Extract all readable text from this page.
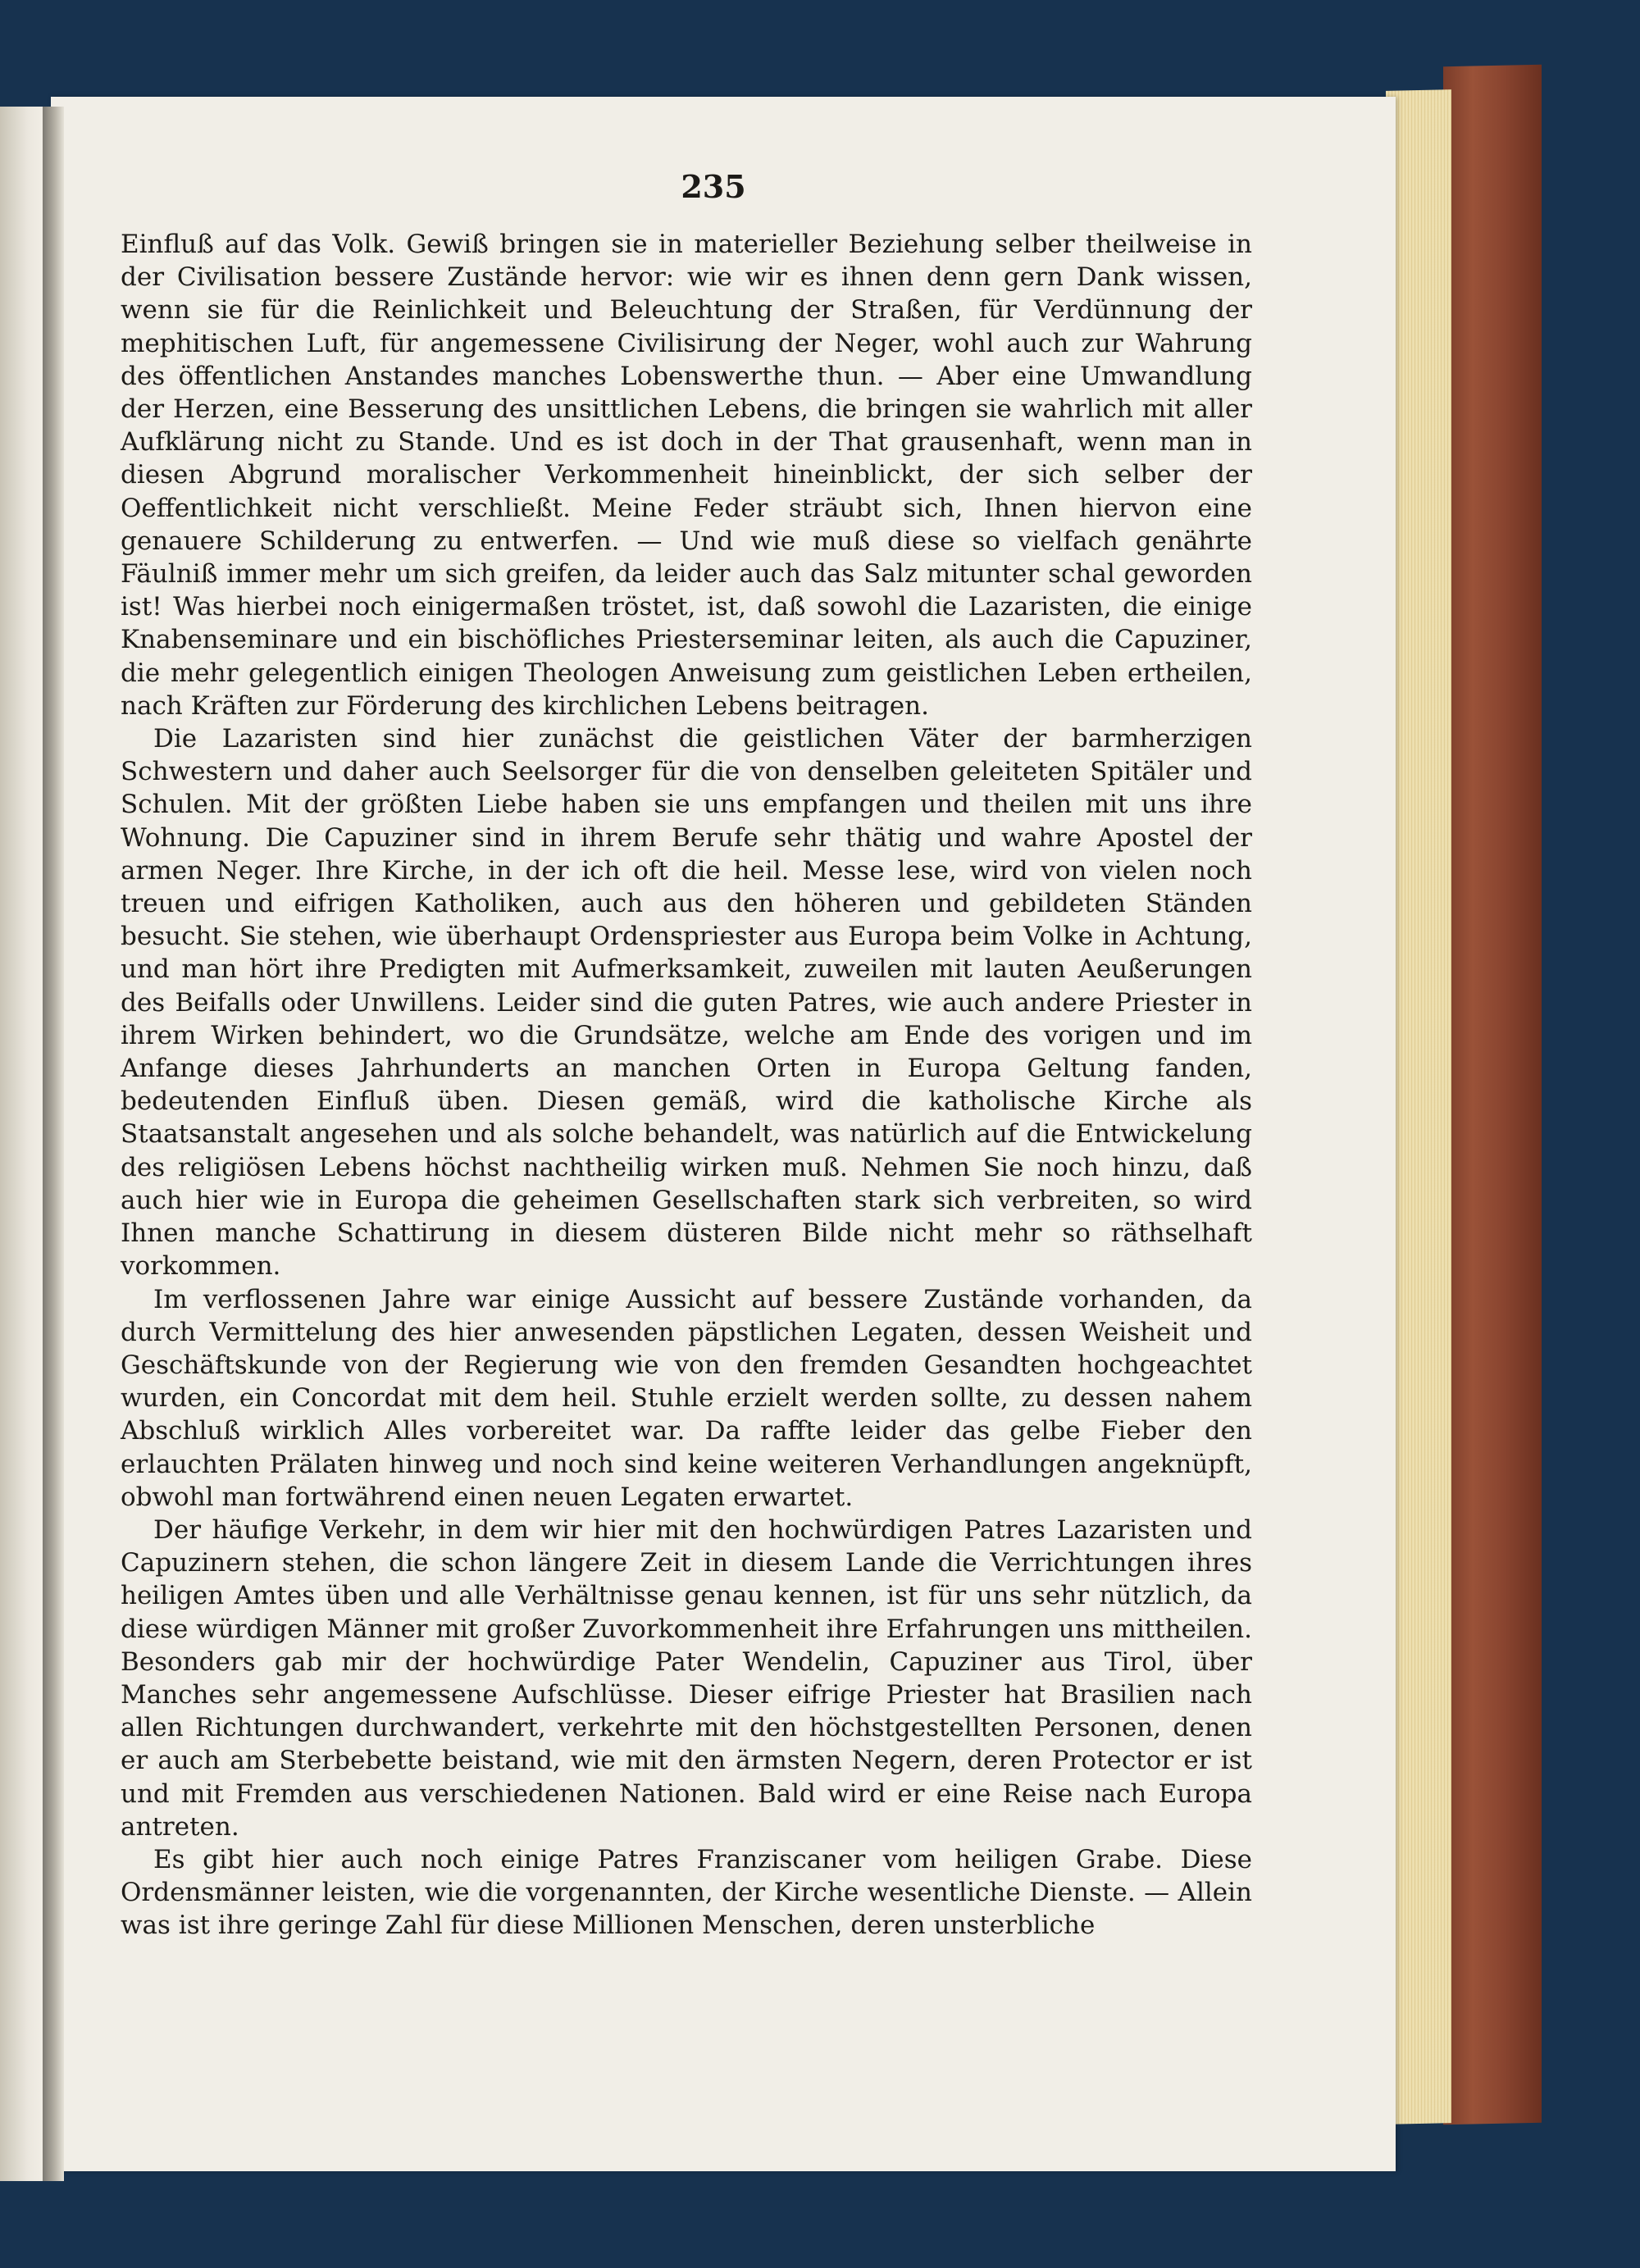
235

Einfluß auf das Volk. Gewiß bringen sie in materieller Beziehung selber theilweise in der Civilisation bessere Zustände hervor: wie wir es ihnen denn gern Dank wissen, wenn sie für die Reinlichkeit und Beleuchtung der Straßen, für Verdünnung der mephitischen Luft, für angemessene Civilisirung der Neger, wohl auch zur Wahrung des öffentlichen Anstandes manches Lobenswerthe thun. — Aber eine Umwandlung der Herzen, eine Besserung des unsittlichen Lebens, die bringen sie wahrlich mit aller Aufklärung nicht zu Stande. Und es ist doch in der That grausenhaft, wenn man in diesen Abgrund moralischer Verkommenheit hineinblickt, der sich selber der Oeffentlichkeit nicht verschließt. Meine Feder sträubt sich, Ihnen hiervon eine genauere Schilderung zu entwerfen. — Und wie muß diese so vielfach genährte Fäulniß immer mehr um sich greifen, da leider auch das Salz mitunter schal geworden ist! Was hierbei noch einigermaßen tröstet, ist, daß sowohl die Lazaristen, die einige Knabenseminare und ein bischöfliches Priesterseminar leiten, als auch die Capuziner, die mehr gelegentlich einigen Theologen Anweisung zum geistlichen Leben ertheilen, nach Kräften zur Förderung des kirchlichen Lebens beitragen.

Die Lazaristen sind hier zunächst die geistlichen Väter der barmherzigen Schwestern und daher auch Seelsorger für die von denselben geleiteten Spitäler und Schulen. Mit der größten Liebe haben sie uns empfangen und theilen mit uns ihre Wohnung. Die Capuziner sind in ihrem Berufe sehr thätig und wahre Apostel der armen Neger. Ihre Kirche, in der ich oft die heil. Messe lese, wird von vielen noch treuen und eifrigen Katholiken, auch aus den höheren und gebildeten Ständen besucht. Sie stehen, wie überhaupt Ordenspriester aus Europa beim Volke in Achtung, und man hört ihre Predigten mit Aufmerksamkeit, zuweilen mit lauten Aeußerungen des Beifalls oder Unwillens. Leider sind die guten Patres, wie auch andere Priester in ihrem Wirken behindert, wo die Grundsätze, welche am Ende des vorigen und im Anfange dieses Jahrhunderts an manchen Orten in Europa Geltung fanden, bedeutenden Einfluß üben. Diesen gemäß, wird die katholische Kirche als Staatsanstalt angesehen und als solche behandelt, was natürlich auf die Entwickelung des religiösen Lebens höchst nachtheilig wirken muß. Nehmen Sie noch hinzu, daß auch hier wie in Europa die geheimen Gesellschaften stark sich verbreiten, so wird Ihnen manche Schattirung in diesem düsteren Bilde nicht mehr so räthselhaft vorkommen.

Im verflossenen Jahre war einige Aussicht auf bessere Zustände vorhanden, da durch Vermittelung des hier anwesenden päpstlichen Legaten, dessen Weisheit und Geschäftskunde von der Regierung wie von den fremden Gesandten hochgeachtet wurden, ein Concordat mit dem heil. Stuhle erzielt werden sollte, zu dessen nahem Abschluß wirklich Alles vorbereitet war. Da raffte leider das gelbe Fieber den erlauchten Prälaten hinweg und noch sind keine weiteren Verhandlungen angeknüpft, obwohl man fortwährend einen neuen Legaten erwartet.

Der häufige Verkehr, in dem wir hier mit den hochwürdigen Patres Lazaristen und Capuzinern stehen, die schon längere Zeit in diesem Lande die Verrichtungen ihres heiligen Amtes üben und alle Verhältnisse genau kennen, ist für uns sehr nützlich, da diese würdigen Männer mit großer Zuvorkommenheit ihre Erfahrungen uns mittheilen. Besonders gab mir der hochwürdige Pater Wendelin, Capuziner aus Tirol, über Manches sehr angemessene Aufschlüsse. Dieser eifrige Priester hat Brasilien nach allen Richtungen durchwandert, verkehrte mit den höchstgestellten Personen, denen er auch am Sterbebette beistand, wie mit den ärmsten Negern, deren Protector er ist und mit Fremden aus verschiedenen Nationen. Bald wird er eine Reise nach Europa antreten.

Es gibt hier auch noch einige Patres Franziscaner vom heiligen Grabe. Diese Ordensmänner leisten, wie die vorgenannten, der Kirche wesentliche Dienste. — Allein was ist ihre geringe Zahl für diese Millionen Menschen, deren unsterbliche
